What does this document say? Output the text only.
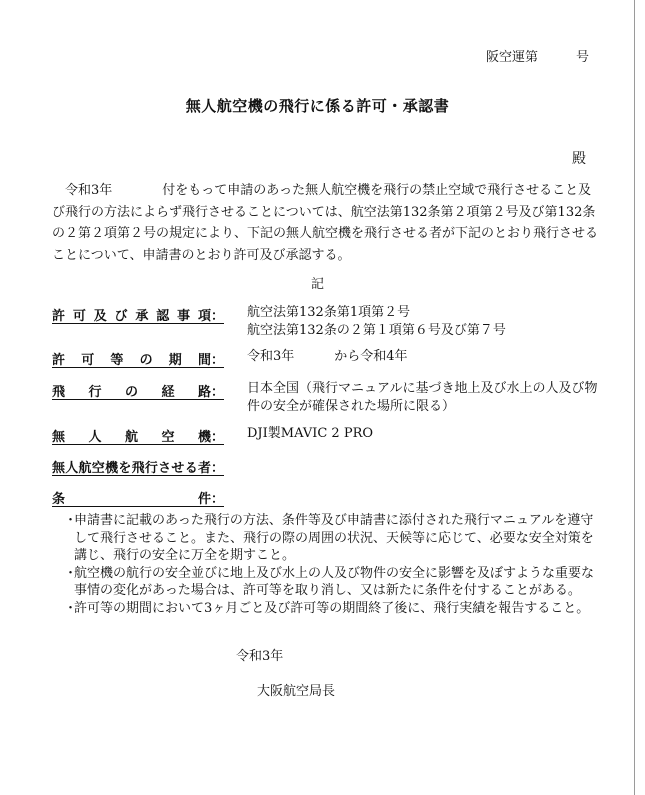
阪空運第	号
無人航空機の飛行に係る許可・承認書
殿

令和3年	付をもって申請のあった無人航空機を飛行の禁止空域で飛行させること及

び飛行の方法によらず飛行させることについては、航空法第132条第２項第２号及び第132条
の２第２項第２号の規定により、下記の無人航空機を飛行させる者が下記のとおり飛行させる
ことについて、申請書のとおり許可及び承認する。
記
許可及び承認事項 ： 航空法第132条第1項第２号
航空法第132条の２第１項第６号及び第７号
許可等の期間 ： 令和3年	から令和4年
飛行の経路 ： 日本全国（飛行マニュアルに基づき地上及び水上の人及び物
件の安全が確保された場所に限る）
無人航空機 ： DJI製MAVIC 2 PRO
無人航空機を飛行させる者 ：
条件 ：
・
申請書に記載のあった飛行の方法、条件等及び申請書に添付された飛行マニュアルを遵守
して飛行させること。また、飛行の際の周囲の状況、天候等に応じて、必要な安全対策を
講じ、飛行の安全に万全を期すこと。
・
航空機の航行の安全並びに地上及び水上の人及び物件の安全に影響を及ぼすような重要な
事情の変化があった場合は、許可等を取り消し、又は新たに条件を付することがある。
・
許可等の期間において3ヶ月ごと及び許可等の期間終了後に、飛行実績を報告すること。
令和3年
大阪航空局長
